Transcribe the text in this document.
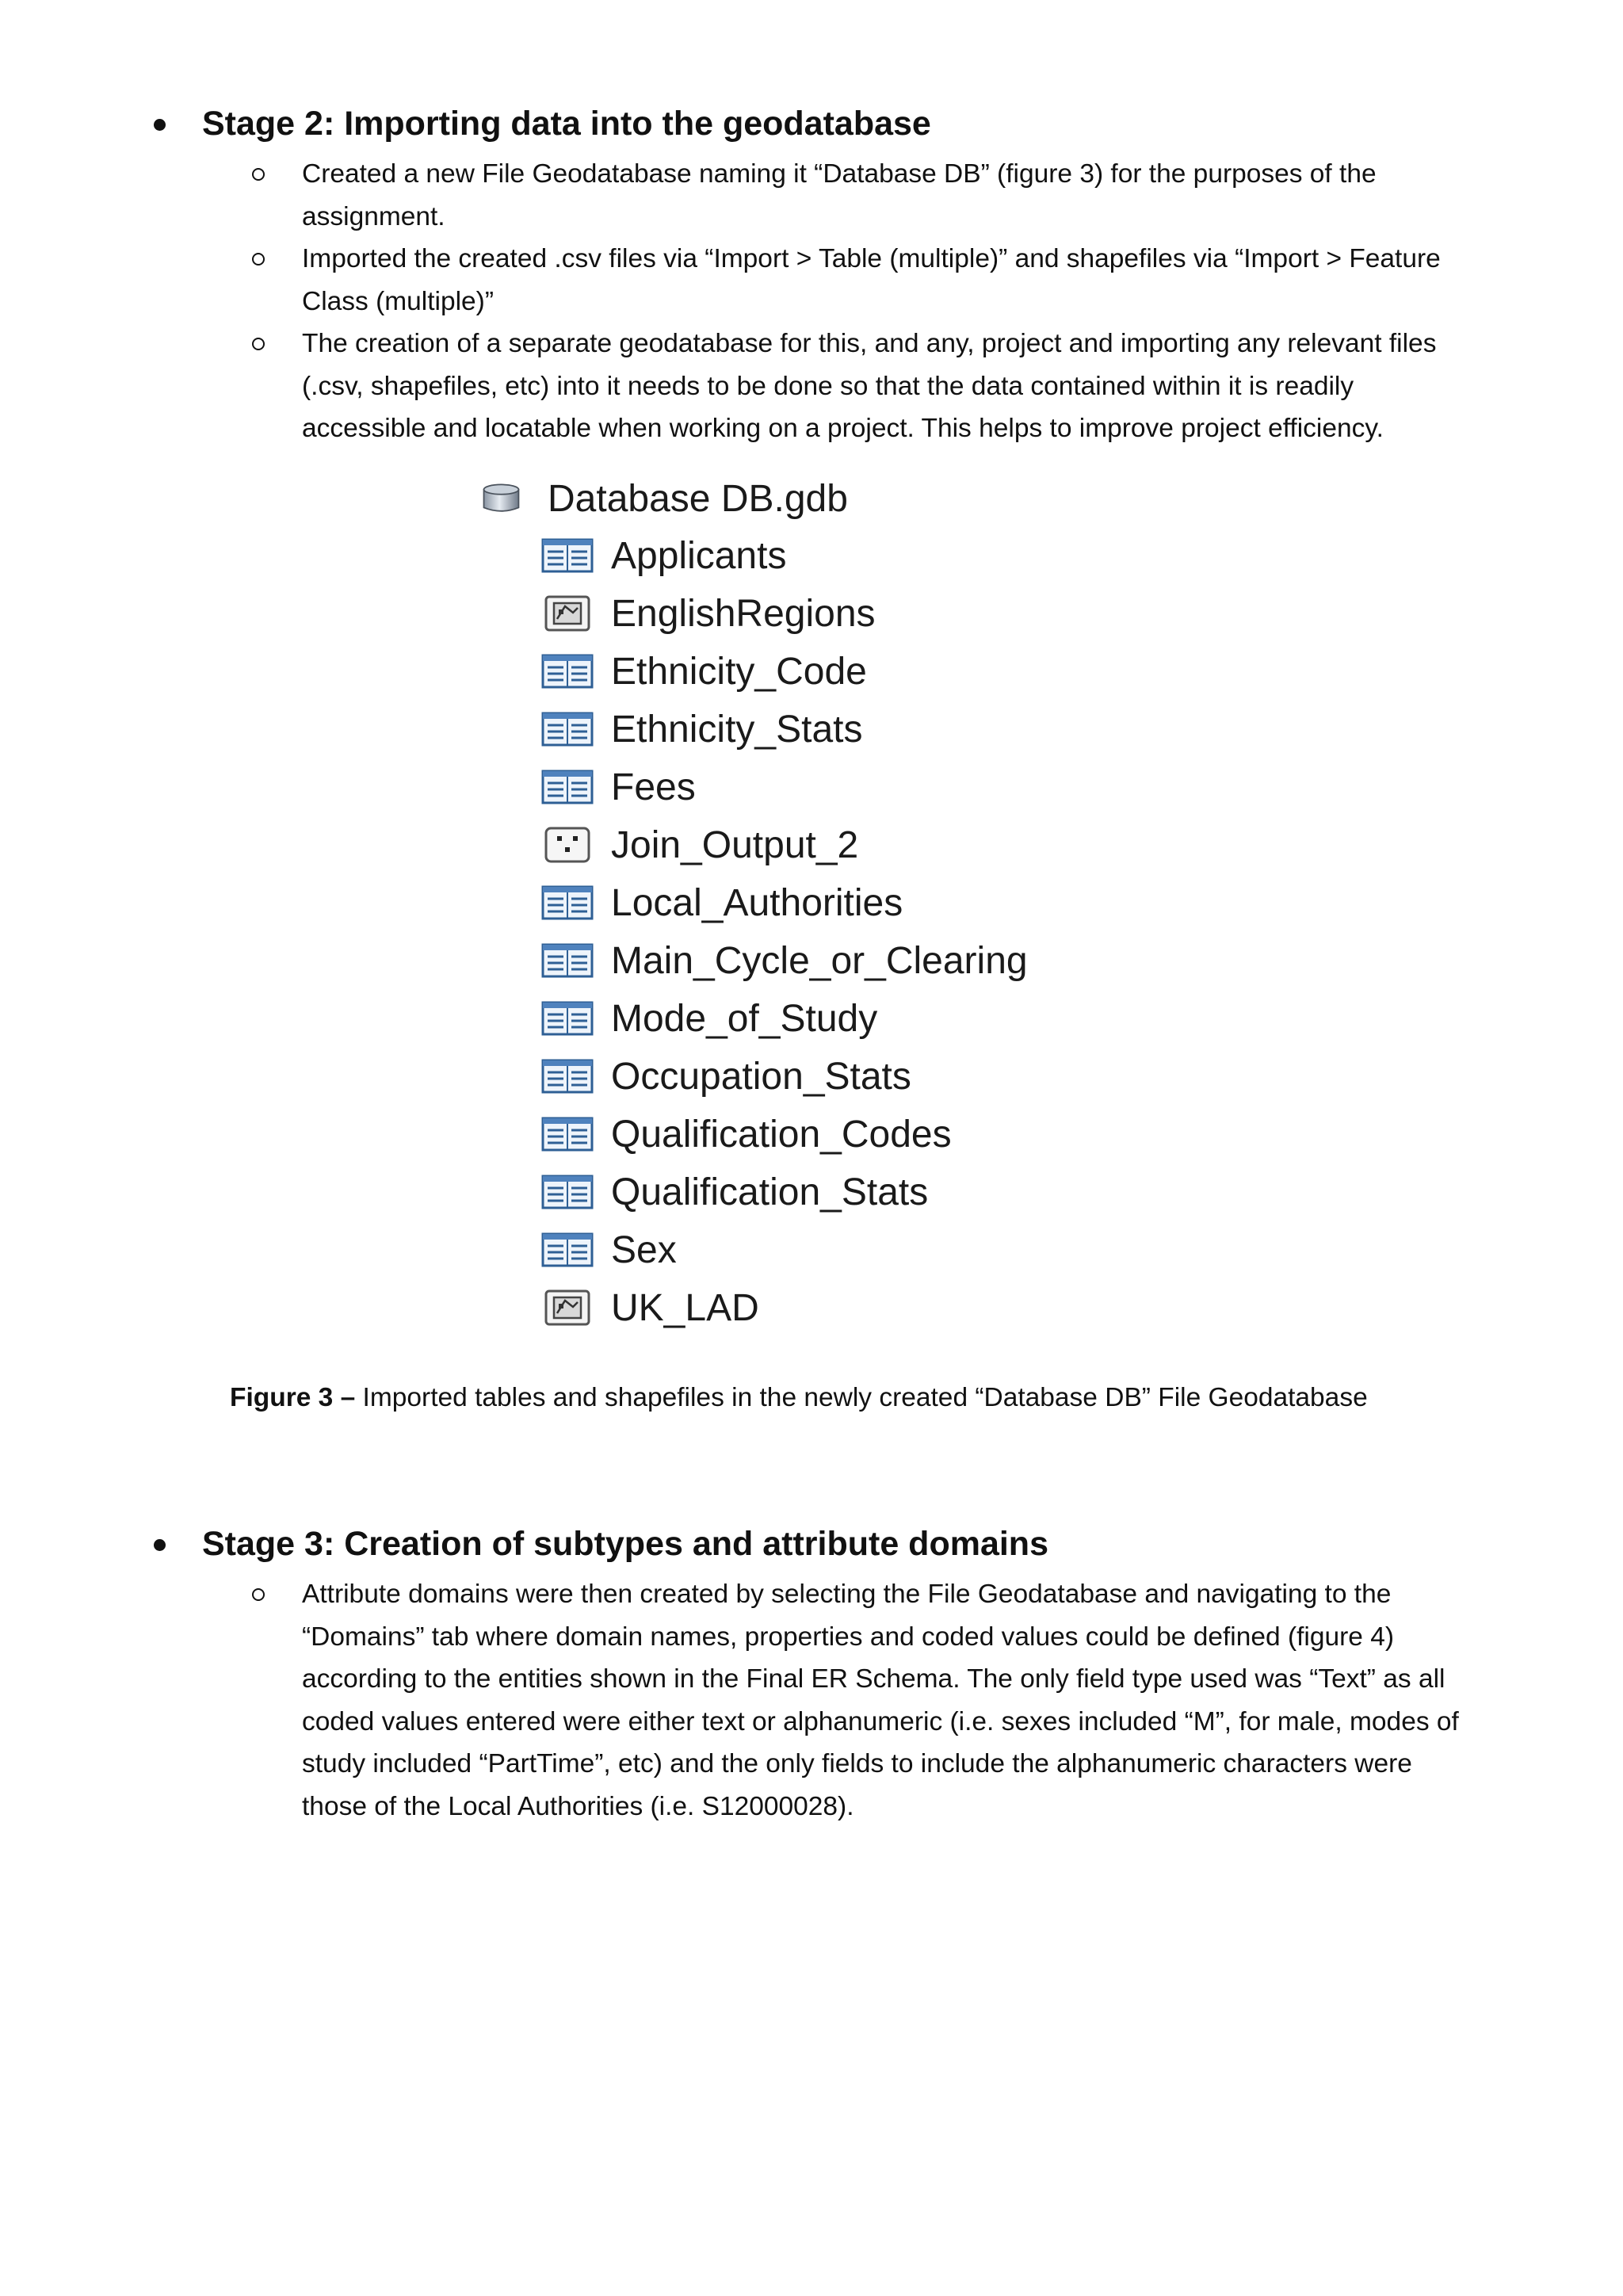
Stage 2: Importing data into the geodatabase
Created a new File Geodatabase naming it “Database DB” (figure 3) for the purposes of the
assignment.
Imported the created .csv files via “Import > Table (multiple)” and shapefiles via “Import > Feature
Class (multiple)”
The creation of a separate geodatabase for this, and any, project and importing any relevant files
(.csv, shapefiles, etc) into it needs to be done so that the data contained within it is readily
accessible and locatable when working on a project. This helps to improve project efficiency.
Database DB.gdb
Applicants
EnglishRegions
Ethnicity_Code
Ethnicity_Stats
Fees
Join_Output_2
Local_Authorities
Main_Cycle_or_Clearing
Mode_of_Study
Occupation_Stats
Qualification_Codes
Qualification_Stats
Sex
UK_LAD
Figure 3 – Imported tables and shapefiles in the newly created “Database DB” File Geodatabase
Stage 3: Creation of subtypes and attribute domains
Attribute domains were then created by selecting the File Geodatabase and navigating to the
“Domains” tab where domain names, properties and coded values could be defined (figure 4)
according to the entities shown in the Final ER Schema. The only field type used was “Text” as all
coded values entered were either text or alphanumeric (i.e. sexes included “M”, for male, modes of
study included “PartTime”, etc) and the only fields to include the alphanumeric characters were
those of the Local Authorities (i.e. S12000028).
